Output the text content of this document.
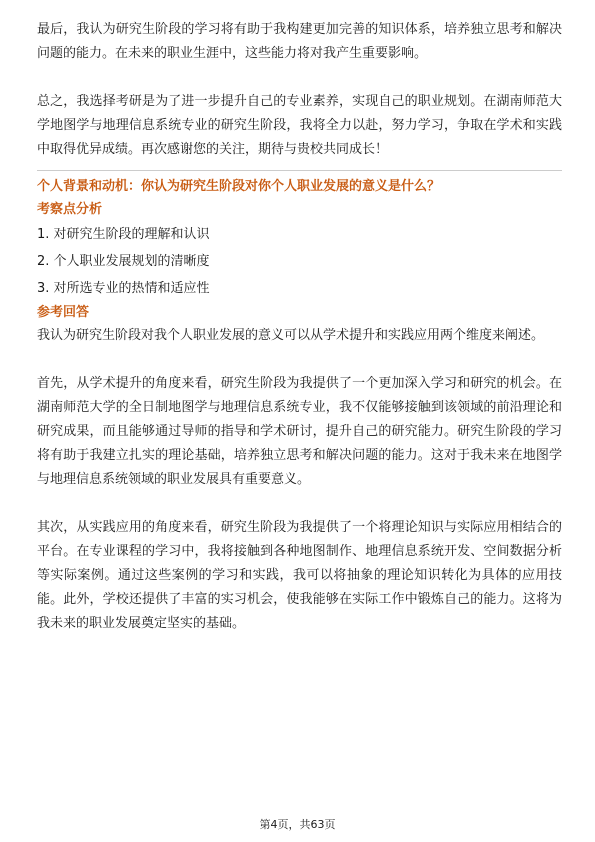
最后，我认为研究生阶段的学习将有助于我构建更加完善的知识体系，培养独立思考和解决问题的能力。在未来的职业生涯中，这些能力将对我产生重要影响。

总之，我选择考研是为了进一步提升自己的专业素养，实现自己的职业规划。在湖南师范大学地图学与地理信息系统专业的研究生阶段，我将全力以赴，努力学习，争取在学术和实践中取得优异成绩。再次感谢您的关注，期待与贵校共同成长！

个人背景和动机：你认为研究生阶段对你个人职业发展的意义是什么？

考察点分析

1. 对研究生阶段的理解和认识
2. 个人职业发展规划的清晰度
3. 对所选专业的热情和适应性

参考回答

我认为研究生阶段对我个人职业发展的意义可以从学术提升和实践应用两个维度来阐述。

首先，从学术提升的角度来看，研究生阶段为我提供了一个更加深入学习和研究的机会。在湖南师范大学的全日制地图学与地理信息系统专业，我不仅能够接触到该领域的前沿理论和研究成果，而且能够通过导师的指导和学术研讨，提升自己的研究能力。研究生阶段的学习将有助于我建立扎实的理论基础，培养独立思考和解决问题的能力。这对于我未来在地图学与地理信息系统领域的职业发展具有重要意义。

其次，从实践应用的角度来看，研究生阶段为我提供了一个将理论知识与实际应用相结合的平台。在专业课程的学习中，我将接触到各种地图制作、地理信息系统开发、空间数据分析等实际案例。通过这些案例的学习和实践，我可以将抽象的理论知识转化为具体的应用技能。此外，学校还提供了丰富的实习机会，使我能够在实际工作中锻炼自己的能力。这将为我未来的职业发展奠定坚实的基础。

第4页，共63页
